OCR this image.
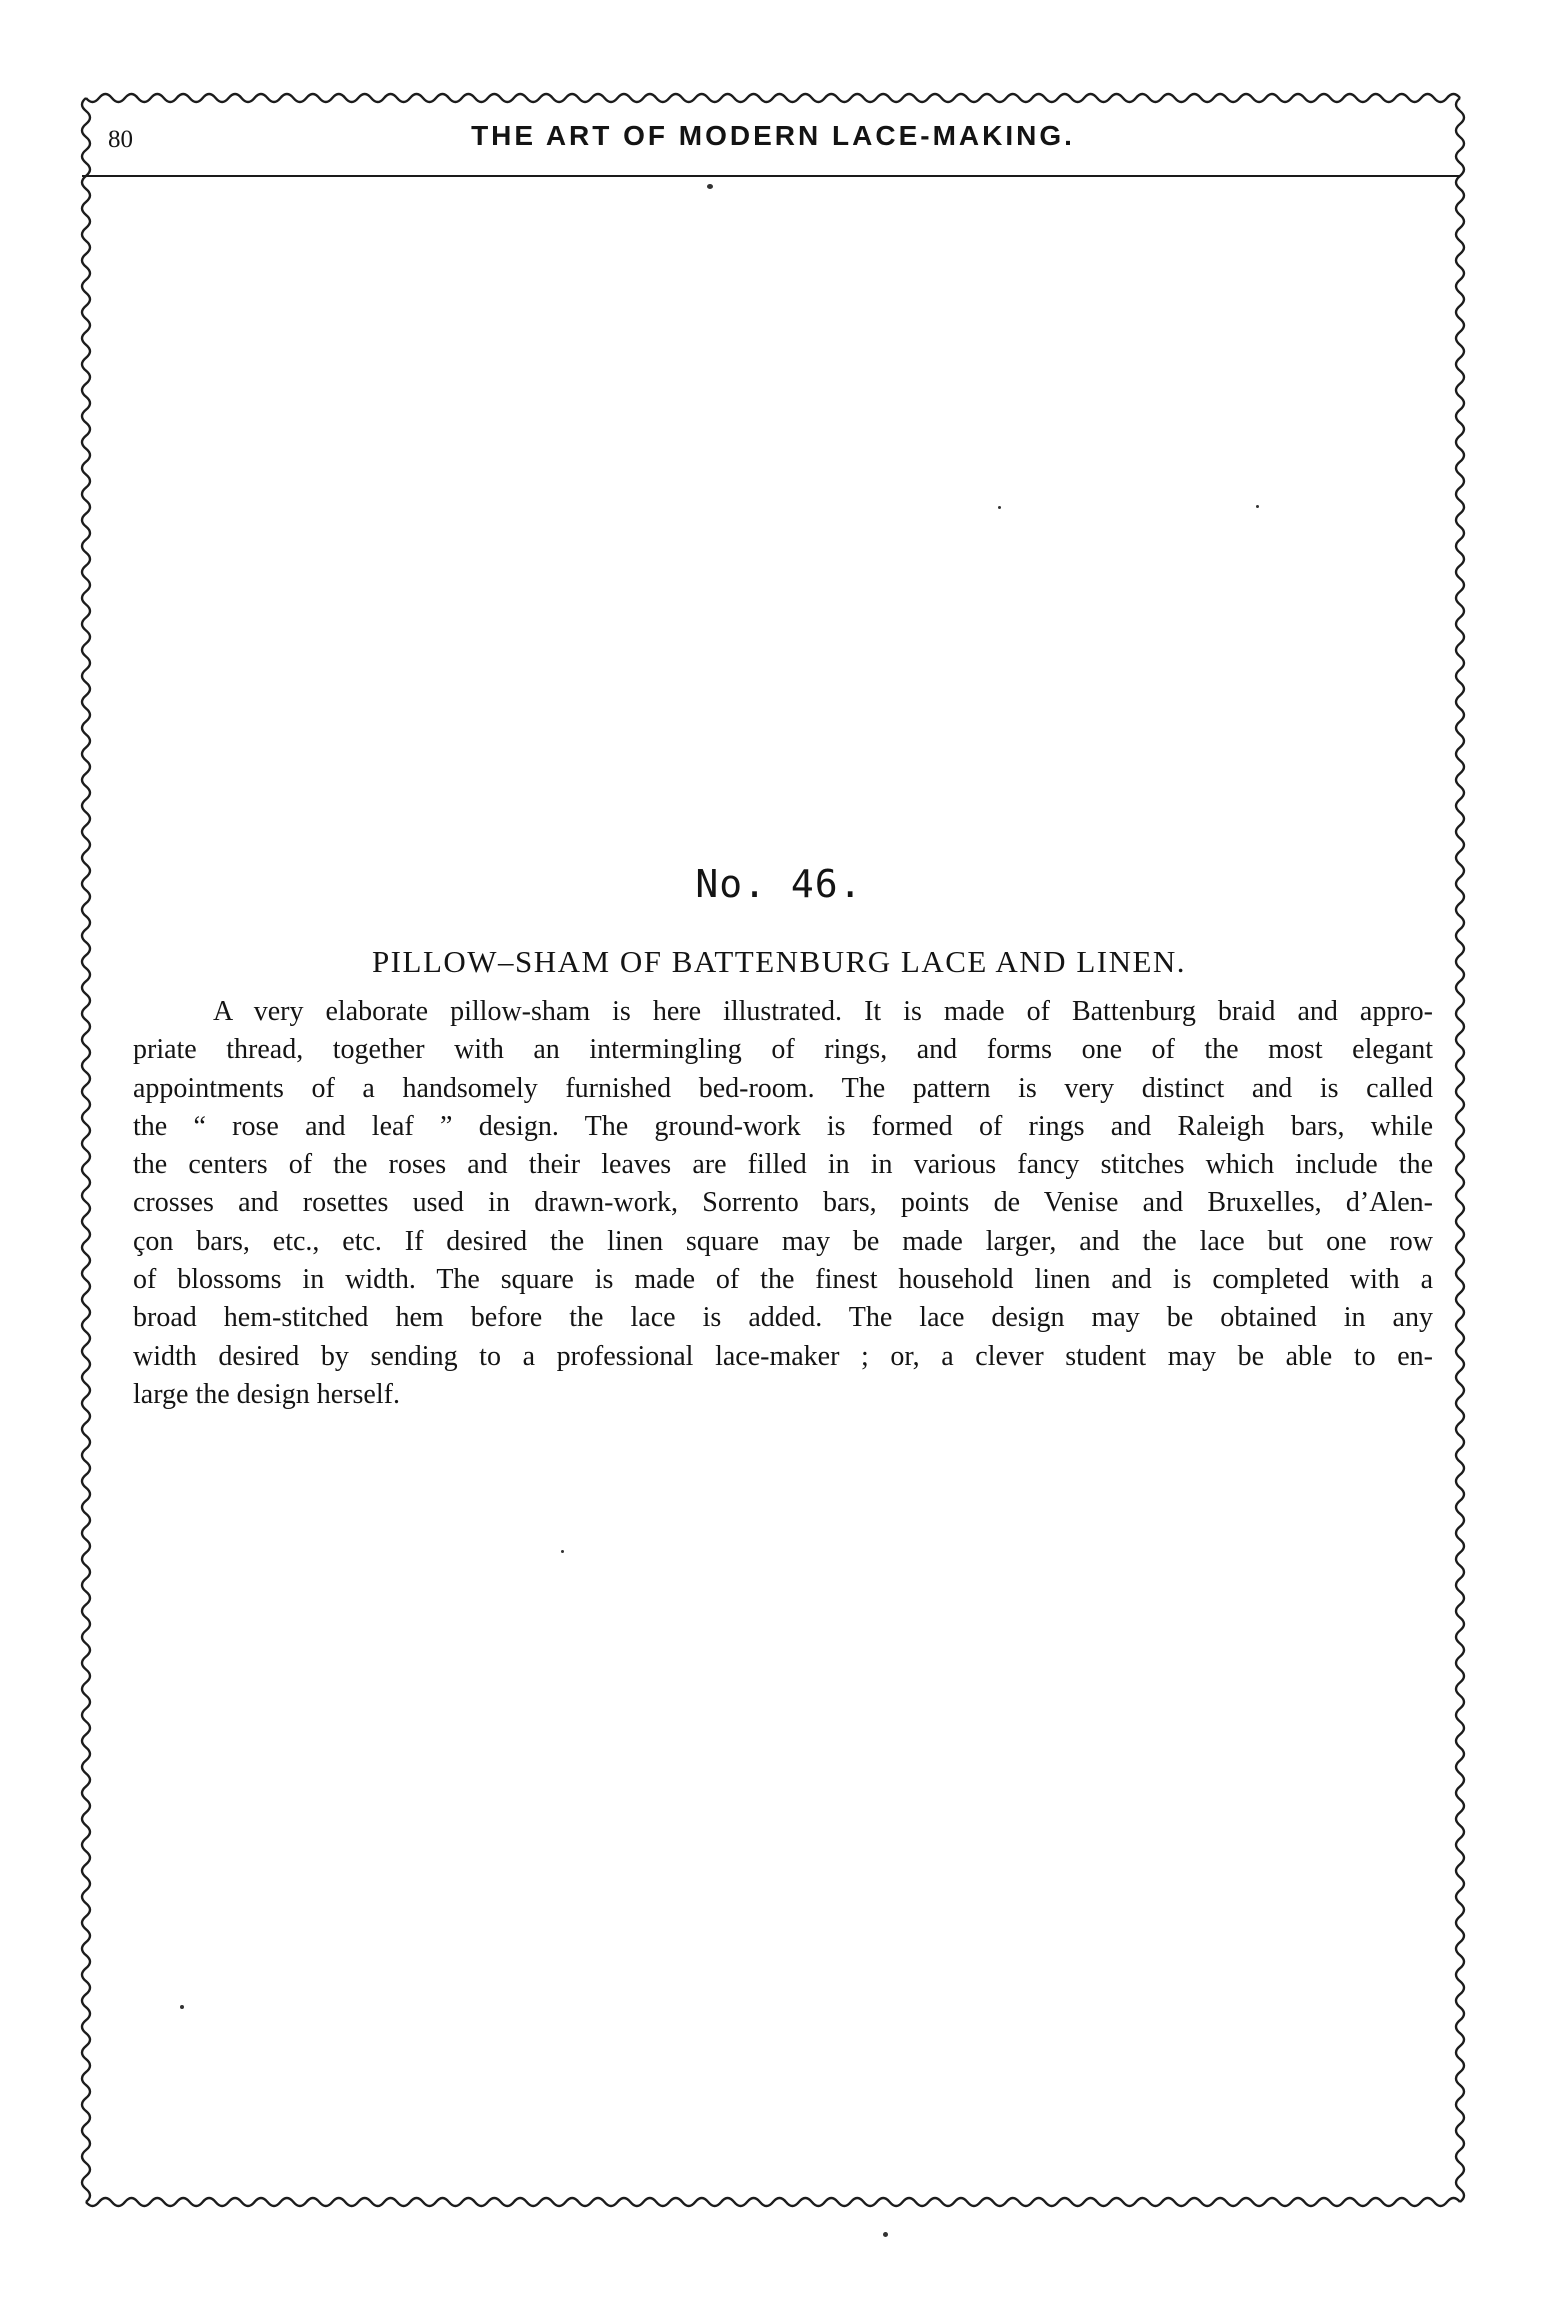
80	THE ART OF MODERN LACE-MAKING.
No. 46.
PILLOW–SHAM OF BATTENBURG LACE AND LINEN.
A very elaborate pillow-sham is here illustrated. It is made of Battenburg braid and appro-
priate thread, together with an intermingling of rings, and forms one of the most elegant
appointments of a handsomely furnished bed-room. The pattern is very distinct and is called
the “ rose and leaf ” design. The ground-work is formed of rings and Raleigh bars, while
the centers of the roses and their leaves are filled in in various fancy stitches which include the
crosses and rosettes used in drawn-work, Sorrento bars, points de Venise and Bruxelles, d’Alen-
çon bars, etc., etc. If desired the linen square may be made larger, and the lace but one row
of blossoms in width. The square is made of the finest household linen and is completed with a
broad hem-stitched hem before the lace is added. The lace design may be obtained in any
width desired by sending to a professional lace-maker ; or, a clever student may be able to en-
large the design herself.
